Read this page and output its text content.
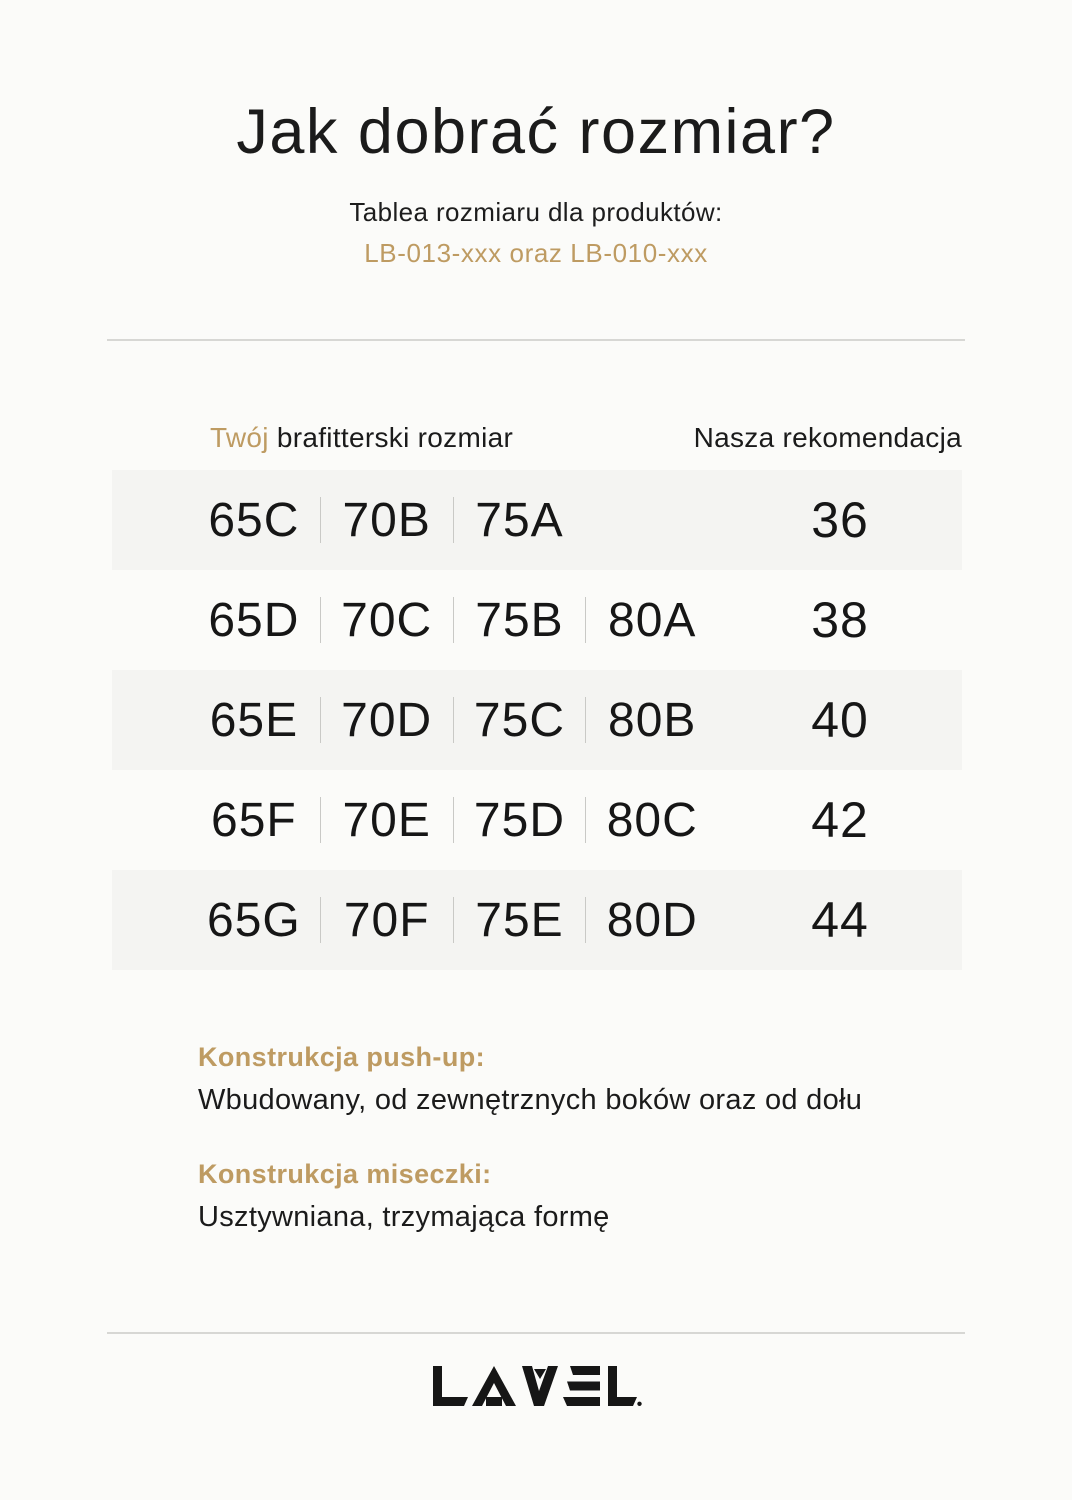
Jak dobrać rozmiar?
Tablea rozmiaru dla produktów:
LB-013-xxx oraz LB-010-xxx
Twój brafitterski rozmiar	Nasza rekomendacja
65C 70B 75A	36
65D 70C 75B 80A	38
65E 70D 75C 80B	40
65F 70E 75D 80C	42
65G 70F 75E 80D	44

Konstrukcja push-up:

Wbudowany, od zewnętrznych boków oraz od dołu

Konstrukcja miseczki:

Usztywniana, trzymająca formę
